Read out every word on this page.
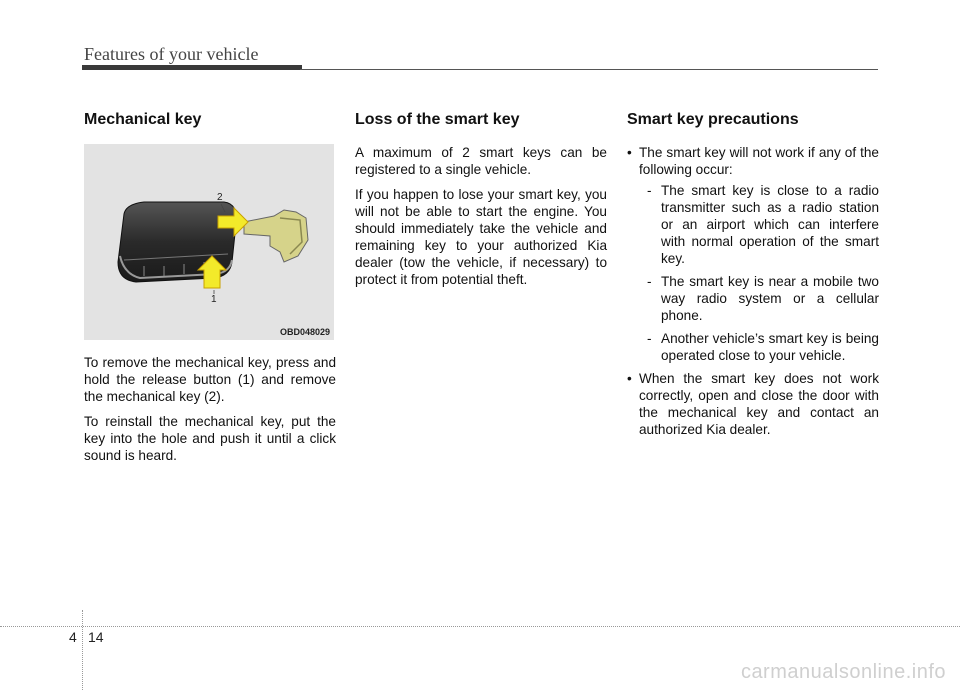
Features of your vehicle
Mechanical key
2
1
OBD048029

To remove the mechanical key, press and hold the release button (1) and remove the mechanical key (2).

To reinstall the mechanical key, put the key into the hole and push it until a click sound is heard.

Loss of the smart key

A maximum of 2 smart keys can be registered to a single vehicle.

If you happen to lose your smart key, you will not be able to start the engine. You should immediately take the vehicle and remaining key to your authorized Kia dealer (tow the vehicle, if necessary) to protect it from potential theft.

Smart key precautions
• The smart key will not work if any of the following occur:
- The smart key is close to a radio transmitter such as a radio station or an airport which can interfere with normal operation of the smart key.
- The smart key is near a mobile two way radio system or a cellular phone.
- Another vehicle’s smart key is being operated close to your vehicle.
• When the smart key does not work correctly, open and close the door with the mechanical key and contact an authorized Kia dealer.
4 14
carmanualsonline.info
